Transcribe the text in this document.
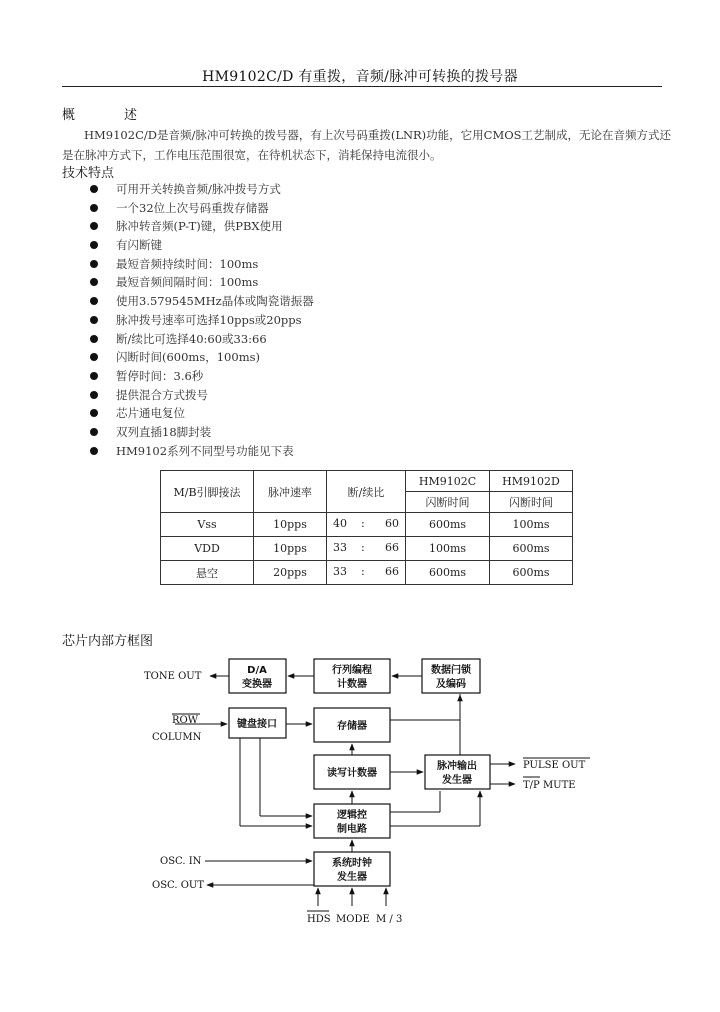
HM9102C/D 有重拨，音频/脉冲可转换的拨号器
概　述
HM9102C/D是音频/脉冲可转换的拨号器，有上次号码重拨(LNR)功能，它用CMOS工艺制成，无论在音频方式还是在脉冲方式下，工作电压范围很宽，在待机状态下，消耗保持电流很小。
技术特点
可用开关转换音频/脉冲拨号方式
一个32位上次号码重拨存储器
脉冲转音频(P-T)键，供PBX使用
有闪断键
最短音频持续时间：100ms
最短音频间隔时间：100ms
使用3.579545MHz晶体或陶瓷谐振器
脉冲拨号速率可选择10pps或20pps
断/续比可选择40:60或33:66
闪断时间(600ms，100ms)
暂停时间：3.6秒
提供混合方式拨号
芯片通电复位
双列直插18脚封装
HM9102系列不同型号功能见下表
M/B引脚接法	脉冲速率	断/续比	HM9102C	HM9102D
			闪断时间	闪断时间
Vss	10pps	40 : 60	600ms	100ms
VDD	10pps	33 : 66	100ms	600ms
悬空	20pps	33 : 66	600ms	600ms
芯片内部方框图
D/A
变换器
行列编程
计数器
数据闩锁
及编码
键盘接口	存储器
读写计数器
脉冲输出
发生器
逻辑控
制电路
系统时钟
发生器
TONE OUT
ROW
COLUMN
PULSE OUT
T/P MUTE
OSC. IN
OSC. OUT
HDS MODE M / 3
